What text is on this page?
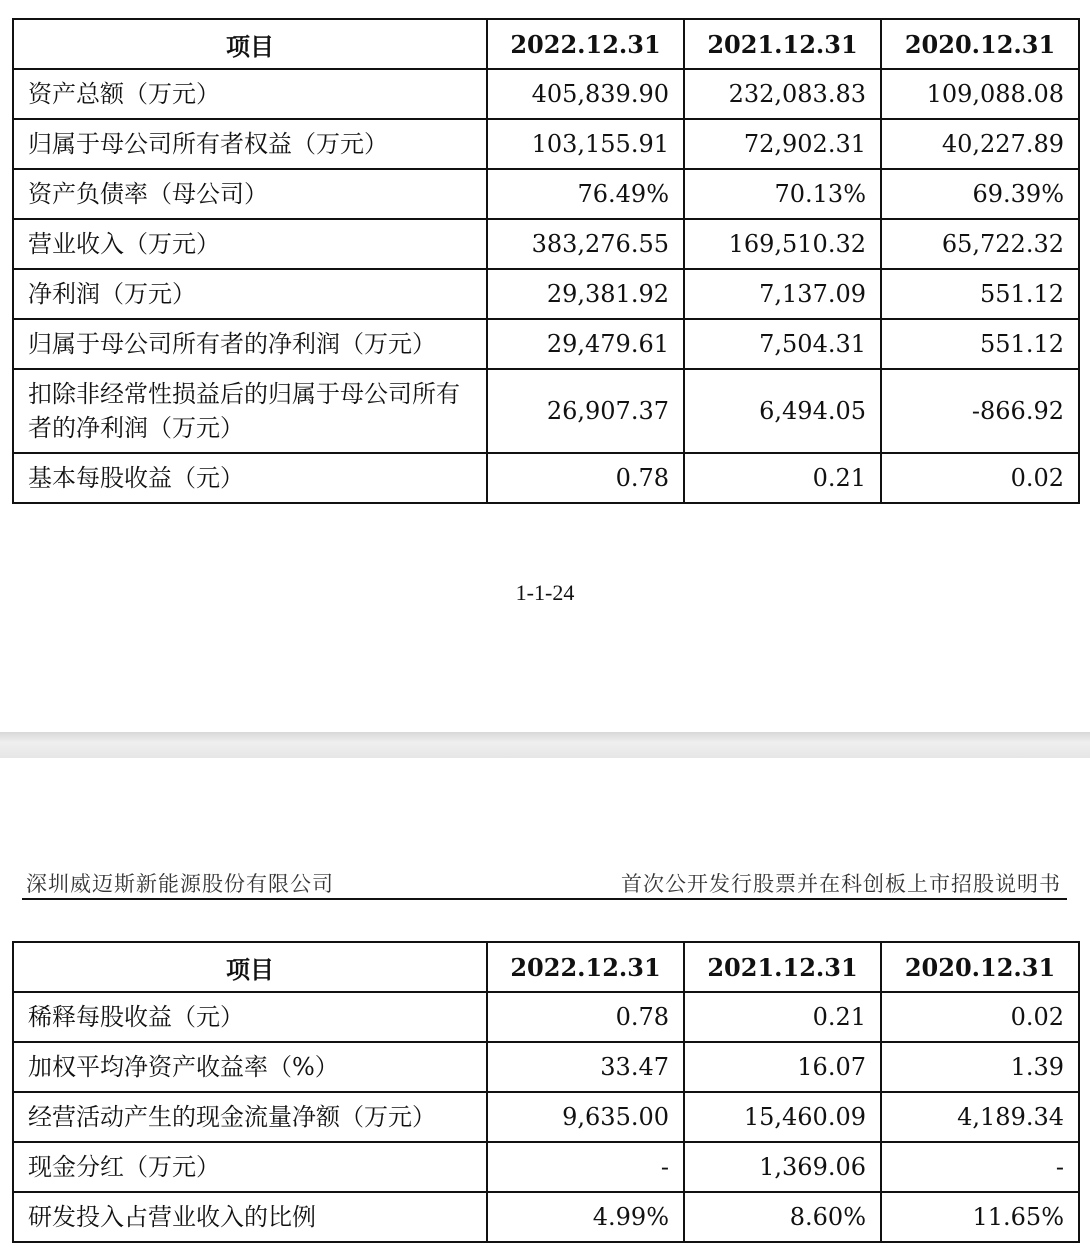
项目	2022.12.31	2021.12.31	2020.12.31
资产总额（万元）	405,839.90	232,083.83	109,088.08
归属于母公司所有者权益（万元）	103,155.91	72,902.31	40,227.89
资产负债率（母公司）	76.49%	70.13%	69.39%
营业收入（万元）	383,276.55	169,510.32	65,722.32
净利润（万元）	29,381.92	7,137.09	551.12
归属于母公司所有者的净利润（万元）	29,479.61	7,504.31	551.12
扣除非经常性损益后的归属于母公司所有者的净利润（万元）	26,907.37	6,494.05	-866.92
基本每股收益（元）	0.78	0.21	0.02
1-1-24
深圳威迈斯新能源股份有限公司	首次公开发行股票并在科创板上市招股说明书
项目	2022.12.31	2021.12.31	2020.12.31
稀释每股收益（元）	0.78	0.21	0.02
加权平均净资产收益率（%）	33.47	16.07	1.39
经营活动产生的现金流量净额（万元）	9,635.00	15,460.09	4,189.34
现金分红（万元）	-	1,369.06	-
研发投入占营业收入的比例	4.99%	8.60%	11.65%
